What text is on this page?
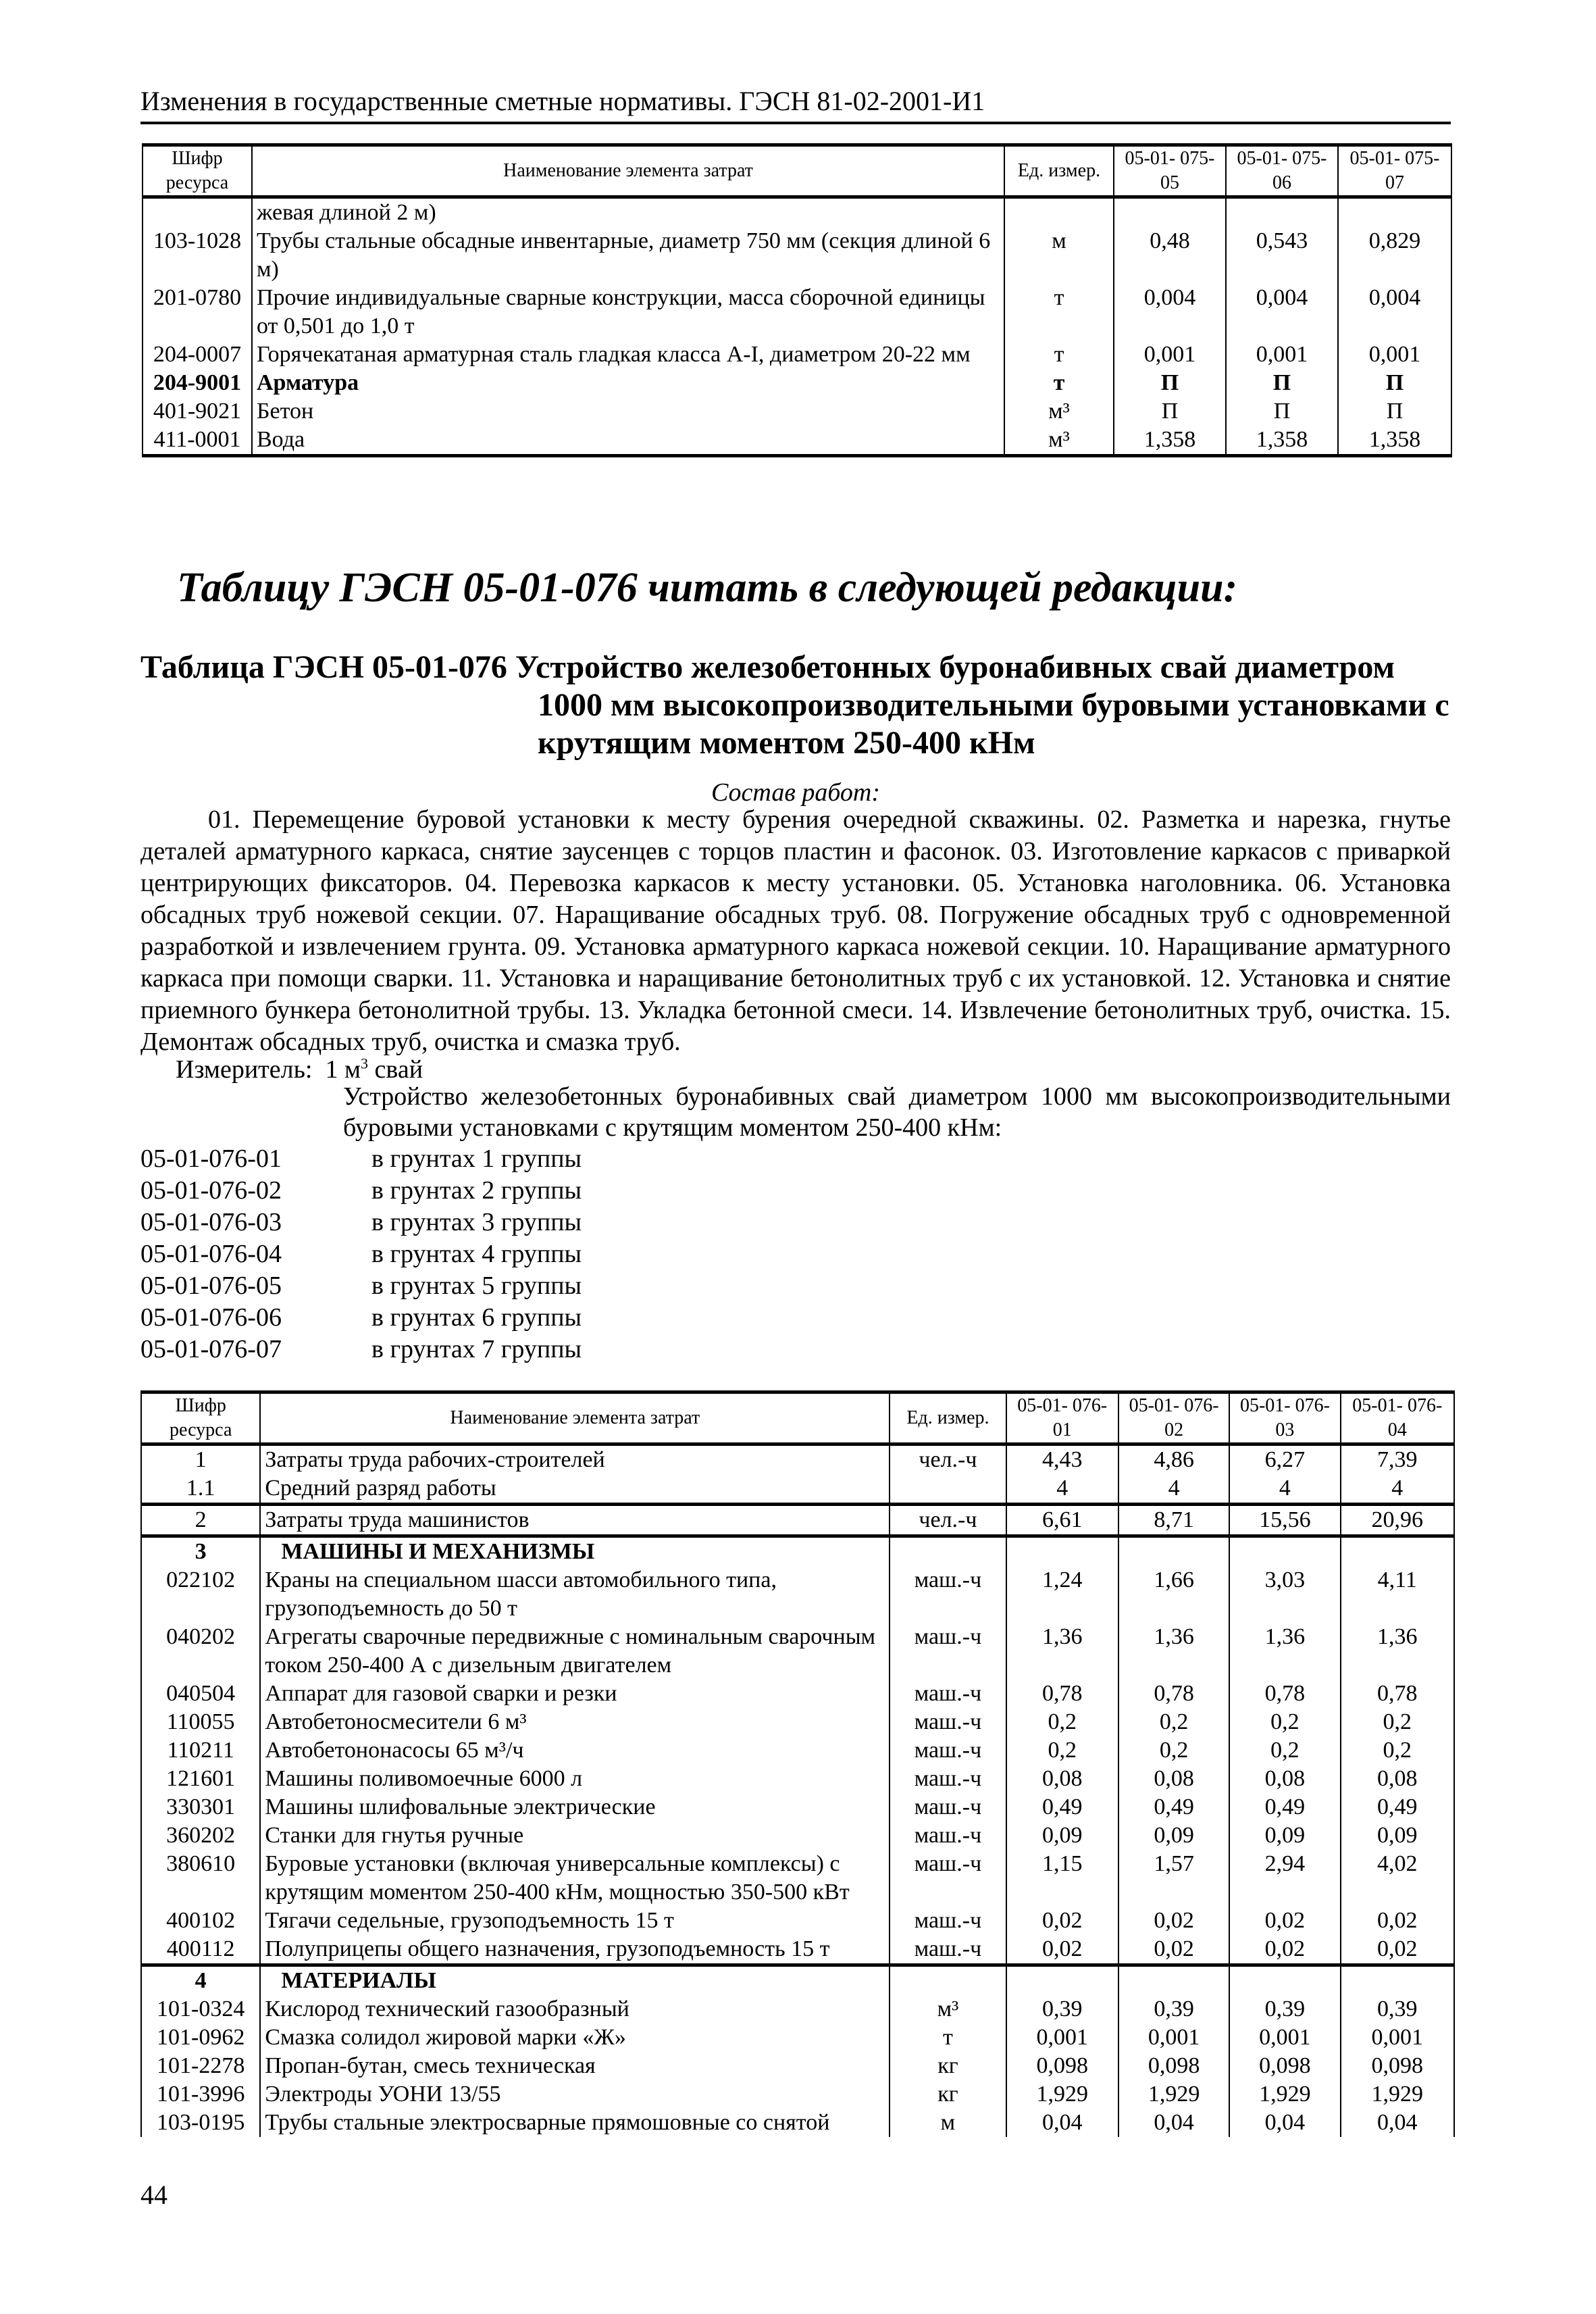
Изменения в государственные сметные нормативы. ГЭСН 81-02-2001-И1
Шифр ресурса	Наименование элемента затрат	Ед. измер.	05-01- 075-05	05-01- 075-06	05-01- 075-07
	жевая длиной 2 м)				
103-1028	Трубы стальные обсадные инвентарные, диаметр 750 мм (секция длиной 6 м)	м	0,48	0,543	0,829
201-0780	Прочие индивидуальные сварные конструкции, масса сборочной единицы от 0,501 до 1,0 т	т	0,004	0,004	0,004
204-0007	Горячекатаная арматурная сталь гладкая класса А-I, диаметром 20-22 мм	т	0,001	0,001	0,001
204-9001	Арматура	т	П	П	П
401-9021	Бетон	м³	П	П	П
411-0001	Вода	м³	1,358	1,358	1,358
Таблицу ГЭСН 05-01-076 читать в следующей редакции:
Таблица ГЭСН 05-01-076 Устройство железобетонных буронабивных свай диаметром
1000 мм высокопроизводительными буровыми установками с крутящим моментом 250-400 кНм
Состав работ:
01. Перемещение буровой установки к месту бурения очередной скважины. 02. Разметка и нарезка, гнутье деталей арматурного каркаса, снятие заусенцев с торцов пластин и фасонок. 03. Изготовление каркасов с приваркой центрирующих фиксаторов. 04. Перевозка каркасов к месту установки. 05. Установка наголовника. 06. Установка обсадных труб ножевой секции. 07. Наращивание обсадных труб. 08. Погружение обсадных труб с одновременной разработкой и извлечением грунта. 09. Установка арматурного каркаса ножевой секции. 10. Наращивание арматурного каркаса при помощи сварки. 11. Установка и наращивание бетонолитных труб с их установкой. 12. Установка и снятие приемного бункера бетонолитной трубы. 13. Укладка бетонной смеси. 14. Извлечение бетонолитных труб, очистка. 15. Демонтаж обсадных труб, очистка и смазка труб.
Измеритель: 1 $м^3$ свай
Устройство железобетонных буронабивных свай диаметром 1000 мм высокопроизводительными буровыми установками с крутящим моментом 250-400 кНм:
05-01-076-01	в грунтах 1 группы
05-01-076-02	в грунтах 2 группы
05-01-076-03	в грунтах 3 группы
05-01-076-04	в грунтах 4 группы
05-01-076-05	в грунтах 5 группы
05-01-076-06	в грунтах 6 группы
05-01-076-07	в грунтах 7 группы
Шифр ресурса	Наименование элемента затрат	Ед. измер.	05-01- 076-01	05-01- 076-02	05-01- 076-03	05-01- 076-04
1	Затраты труда рабочих-строителей	чел.-ч	4,43	4,86	6,27	7,39
1.1	Средний разряд работы		4	4	4	4
2	Затраты труда машинистов	чел.-ч	6,61	8,71	15,56	20,96
3	МАШИНЫ И МЕХАНИЗМЫ					
022102	Краны на специальном шасси автомобильного типа, грузоподъемность до 50 т	маш.-ч	1,24	1,66	3,03	4,11
040202	Агрегаты сварочные передвижные с номинальным сварочным током 250-400 А с дизельным двигателем	маш.-ч	1,36	1,36	1,36	1,36
040504	Аппарат для газовой сварки и резки	маш.-ч	0,78	0,78	0,78	0,78
110055	Автобетоносмесители 6 м³	маш.-ч	0,2	0,2	0,2	0,2
110211	Автобетононасосы 65 м³/ч	маш.-ч	0,2	0,2	0,2	0,2
121601	Машины поливомоечные 6000 л	маш.-ч	0,08	0,08	0,08	0,08
330301	Машины шлифовальные электрические	маш.-ч	0,49	0,49	0,49	0,49
360202	Станки для гнутья ручные	маш.-ч	0,09	0,09	0,09	0,09
380610	Буровые установки (включая универсальные комплексы) с крутящим моментом 250-400 кНм, мощностью 350-500 кВт	маш.-ч	1,15	1,57	2,94	4,02
400102	Тягачи седельные, грузоподъемность 15 т	маш.-ч	0,02	0,02	0,02	0,02
400112	Полуприцепы общего назначения, грузоподъемность 15 т	маш.-ч	0,02	0,02	0,02	0,02
4	МАТЕРИАЛЫ					
101-0324	Кислород технический газообразный	м³	0,39	0,39	0,39	0,39
101-0962	Смазка солидол жировой марки «Ж»	т	0,001	0,001	0,001	0,001
101-2278	Пропан-бутан, смесь техническая	кг	0,098	0,098	0,098	0,098
101-3996	Электроды УОНИ 13/55	кг	1,929	1,929	1,929	1,929
103-0195	Трубы стальные электросварные прямошовные со снятой	м	0,04	0,04	0,04	0,04
44
